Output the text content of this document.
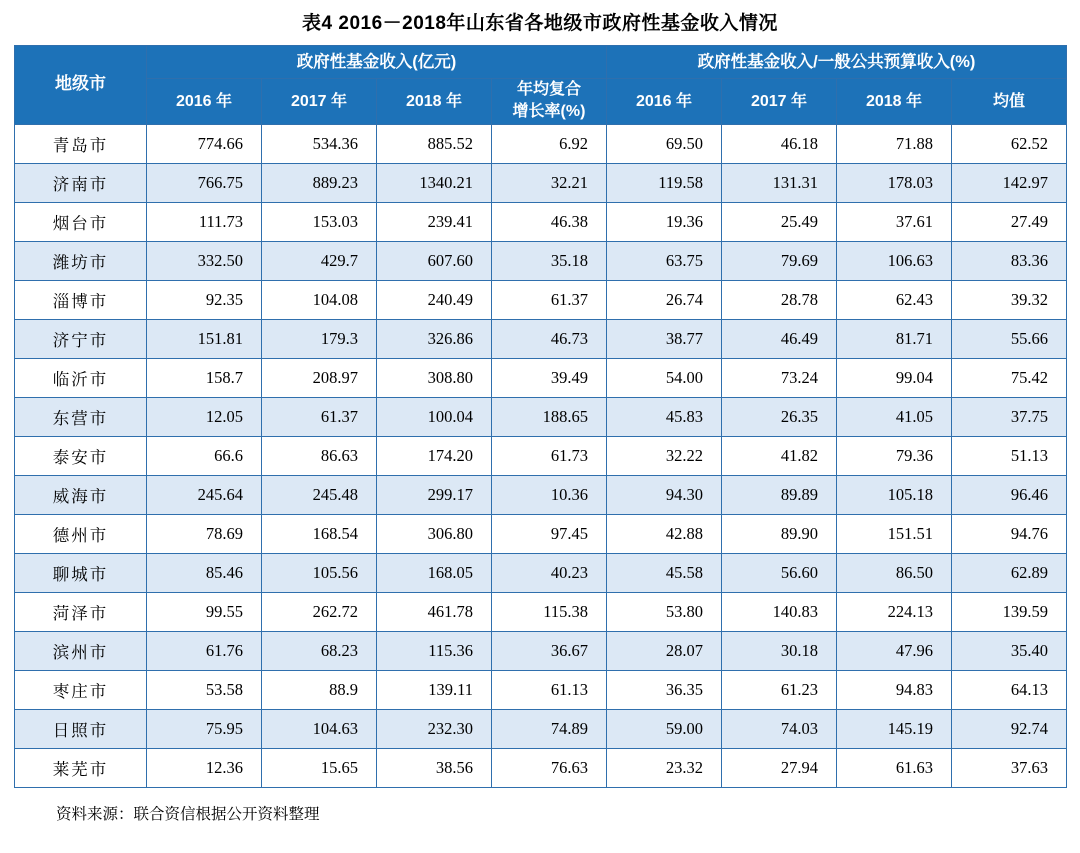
表4 2016－2018年山东省各地级市政府性基金收入情况
地级市	政府性基金收入(亿元)				政府性基金收入/一般公共预算收入(%)			
	2016 年	2017 年	2018 年	年均复合
增长率(%)	2016 年	2017 年	2018 年	均值
青岛市	774.66	534.36	885.52	6.92	69.50	46.18	71.88	62.52
济南市	766.75	889.23	1340.21	32.21	119.58	131.31	178.03	142.97
烟台市	111.73	153.03	239.41	46.38	19.36	25.49	37.61	27.49
潍坊市	332.50	429.7	607.60	35.18	63.75	79.69	106.63	83.36
淄博市	92.35	104.08	240.49	61.37	26.74	28.78	62.43	39.32
济宁市	151.81	179.3	326.86	46.73	38.77	46.49	81.71	55.66
临沂市	158.7	208.97	308.80	39.49	54.00	73.24	99.04	75.42
东营市	12.05	61.37	100.04	188.65	45.83	26.35	41.05	37.75
泰安市	66.6	86.63	174.20	61.73	32.22	41.82	79.36	51.13
威海市	245.64	245.48	299.17	10.36	94.30	89.89	105.18	96.46
德州市	78.69	168.54	306.80	97.45	42.88	89.90	151.51	94.76
聊城市	85.46	105.56	168.05	40.23	45.58	56.60	86.50	62.89
菏泽市	99.55	262.72	461.78	115.38	53.80	140.83	224.13	139.59
滨州市	61.76	68.23	115.36	36.67	28.07	30.18	47.96	35.40
枣庄市	53.58	88.9	139.11	61.13	36.35	61.23	94.83	64.13
日照市	75.95	104.63	232.30	74.89	59.00	74.03	145.19	92.74
莱芜市	12.36	15.65	38.56	76.63	23.32	27.94	61.63	37.63
资料来源：联合资信根据公开资料整理
